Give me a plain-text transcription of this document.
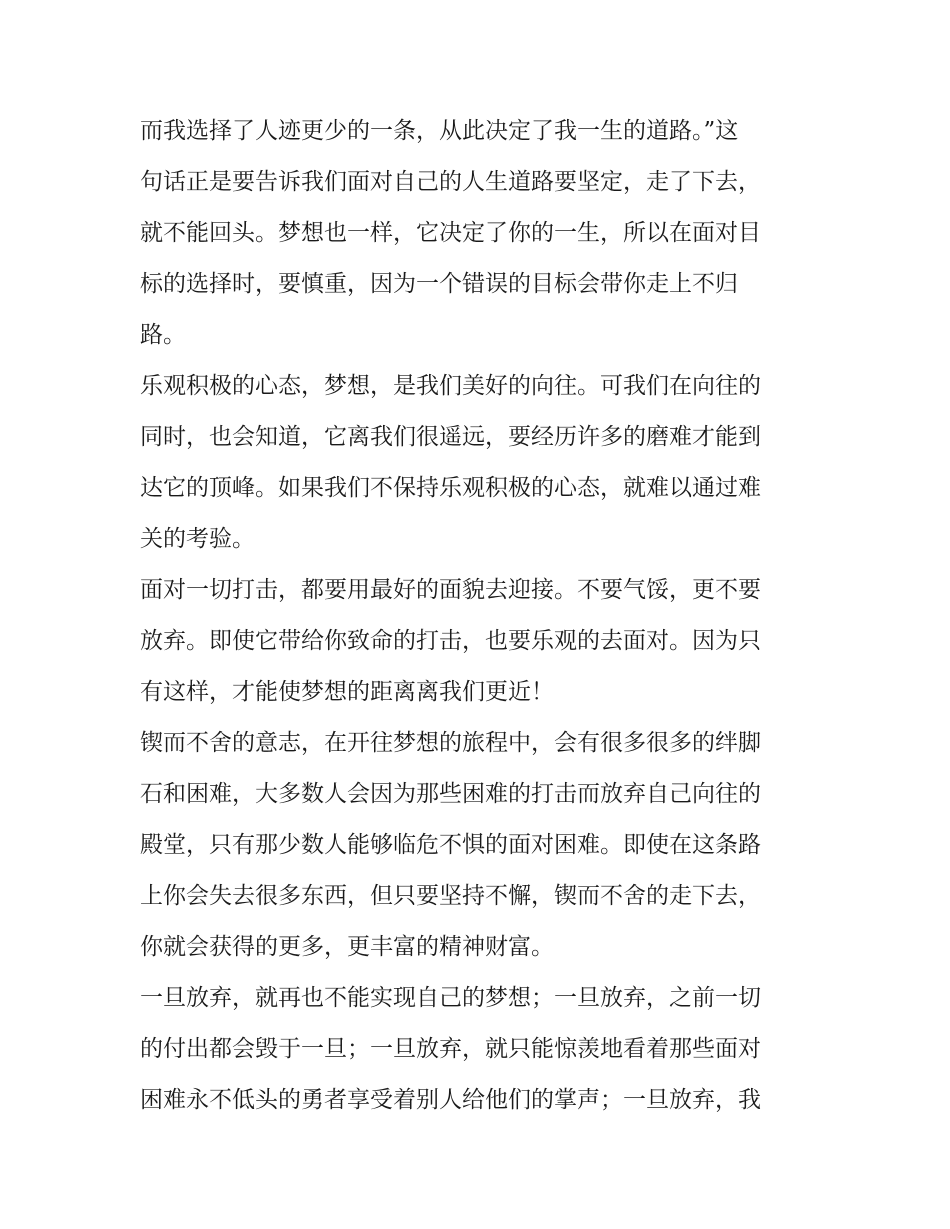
而我选择了人迹更少的一条，从此决定了我一生的道路。”这
句话正是要告诉我们面对自己的人生道路要坚定，走了下去，
就不能回头。梦想也一样，它决定了你的一生，所以在面对目
标的选择时，要慎重，因为一个错误的目标会带你走上不归
路。
乐观积极的心态，梦想，是我们美好的向往。可我们在向往的
同时，也会知道，它离我们很遥远，要经历许多的磨难才能到
达它的顶峰。如果我们不保持乐观积极的心态，就难以通过难
关的考验。
面对一切打击，都要用最好的面貌去迎接。不要气馁，更不要
放弃。即使它带给你致命的打击，也要乐观的去面对。因为只
有这样，才能使梦想的距离离我们更近！
锲而不舍的意志，在开往梦想的旅程中，会有很多很多的绊脚
石和困难，大多数人会因为那些困难的打击而放弃自己向往的
殿堂，只有那少数人能够临危不惧的面对困难。即使在这条路
上你会失去很多东西，但只要坚持不懈，锲而不舍的走下去，
你就会获得的更多，更丰富的精神财富。
一旦放弃，就再也不能实现自己的梦想；一旦放弃，之前一切
的付出都会毁于一旦；一旦放弃，就只能惊羡地看着那些面对
困难永不低头的勇者享受着别人给他们的掌声；一旦放弃，我
